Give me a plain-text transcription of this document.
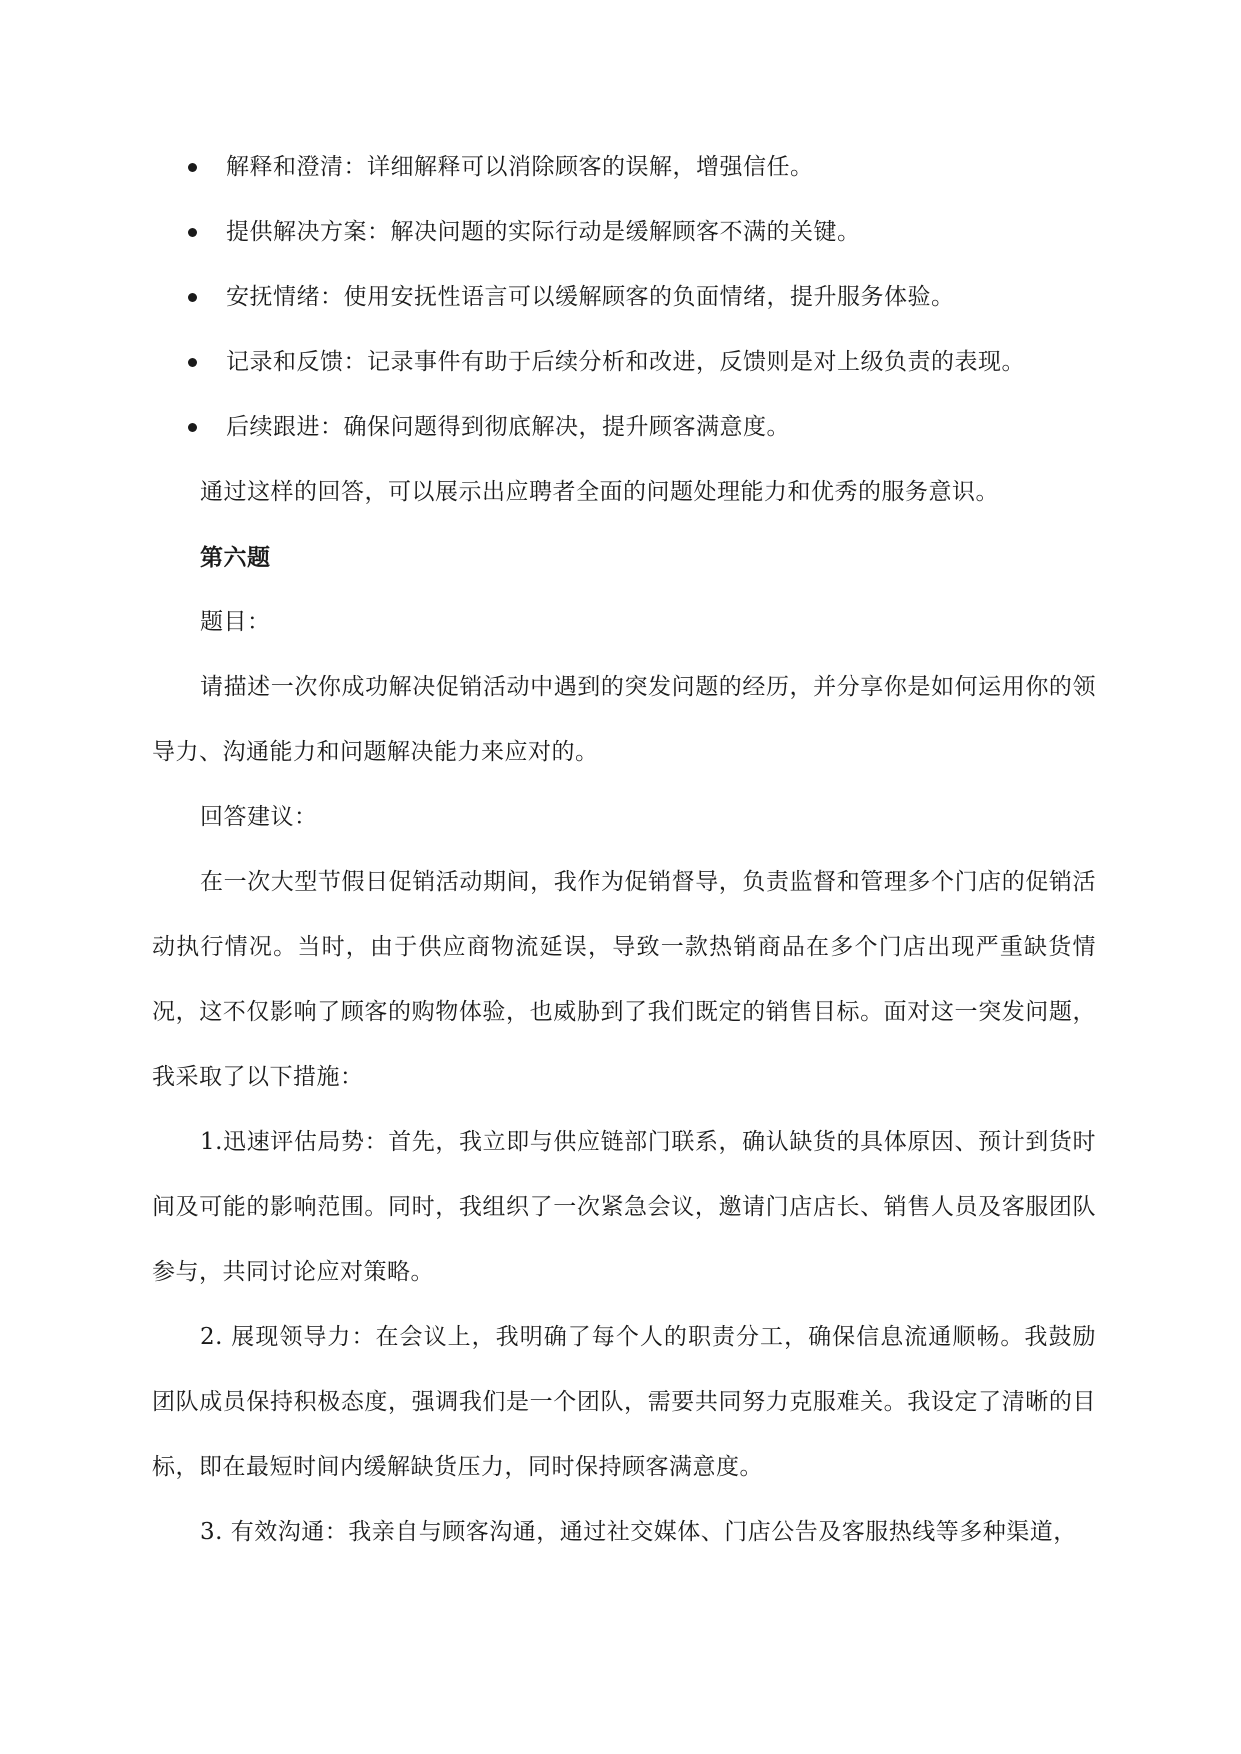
解释和澄清：详细解释可以消除顾客的误解，增强信任。
提供解决方案：解决问题的实际行动是缓解顾客不满的关键。
安抚情绪：使用安抚性语言可以缓解顾客的负面情绪，提升服务体验。
记录和反馈：记录事件有助于后续分析和改进，反馈则是对上级负责的表现。
后续跟进：确保问题得到彻底解决，提升顾客满意度。

通过这样的回答，可以展示出应聘者全面的问题处理能力和优秀的服务意识。

第六题

题目：

请描述一次你成功解决促销活动中遇到的突发问题的经历，并分享你是如何运用你的领导力、沟通能力和问题解决能力来应对的。

回答建议：

在一次大型节假日促销活动期间，我作为促销督导，负责监督和管理多个门店的促销活动执行情况。当时，由于供应商物流延误，导致一款热销商品在多个门店出现严重缺货情况，这不仅影响了顾客的购物体验，也威胁到了我们既定的销售目标。面对这一突发问题，我采取了以下措施：

1.迅速评估局势：首先，我立即与供应链部门联系，确认缺货的具体原因、预计到货时间及可能的影响范围。同时，我组织了一次紧急会议，邀请门店店长、销售人员及客服团队参与，共同讨论应对策略。

2. 展现领导力：在会议上，我明确了每个人的职责分工，确保信息流通顺畅。我鼓励团队成员保持积极态度，强调我们是一个团队，需要共同努力克服难关。我设定了清晰的目标，即在最短时间内缓解缺货压力，同时保持顾客满意度。

3. 有效沟通：我亲自与顾客沟通，通过社交媒体、门店公告及客服热线等多种渠道，
